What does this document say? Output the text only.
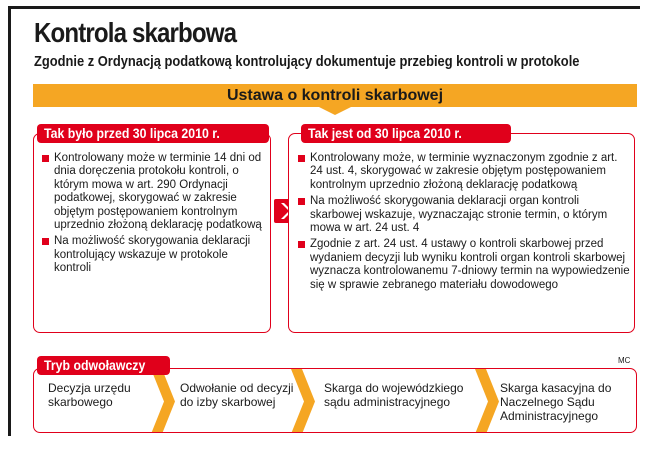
Kontrola skarbowa
Zgodnie z Ordynacją podatkową kontrolujący dokumentuje przebieg kontroli w protokole
Ustawa o kontroli skarbowej
Tak było przed 30 lipca 2010 r.
Kontrolowany może w terminie 14 dni od dnia doręczenia protokołu kontroli, o którym mowa w art. 290 Ordynacji podatkowej, skorygować w zakresie objętym postępowaniem kontrolnym uprzednio złożoną deklarację podatkową
Na możliwość skorygowania deklaracji kontrolujący wskazuje w protokole kontroli
Tak jest od 30 lipca 2010 r.
Kontrolowany może, w terminie wyznaczonym zgodnie z art. 24 ust. 4, skorygować w zakresie objętym postępowaniem kontrolnym uprzednio złożoną deklarację podatkową
Na możliwość skorygowania deklaracji organ kontroli skarbowej wskazuje, wyznaczając stronie termin, o którym mowa w art. 24 ust. 4
Zgodnie z art. 24 ust. 4 ustawy o kontroli skarbowej przed wydaniem decyzji lub wyniku kontroli organ kontroli skarbowej wyznacza kontrolowanemu 7-dniowy termin na wypowiedzenie się w sprawie zebranego materiału dowodowego
MC
Decyzja urzędu skarbowego
Odwołanie od decyzji do izby skarbowej
Skarga do wojewódzkiego sądu administracyjnego
Skarga kasacyjna do Naczelnego Sądu Administracyjnego
Tryb odwoławczy
